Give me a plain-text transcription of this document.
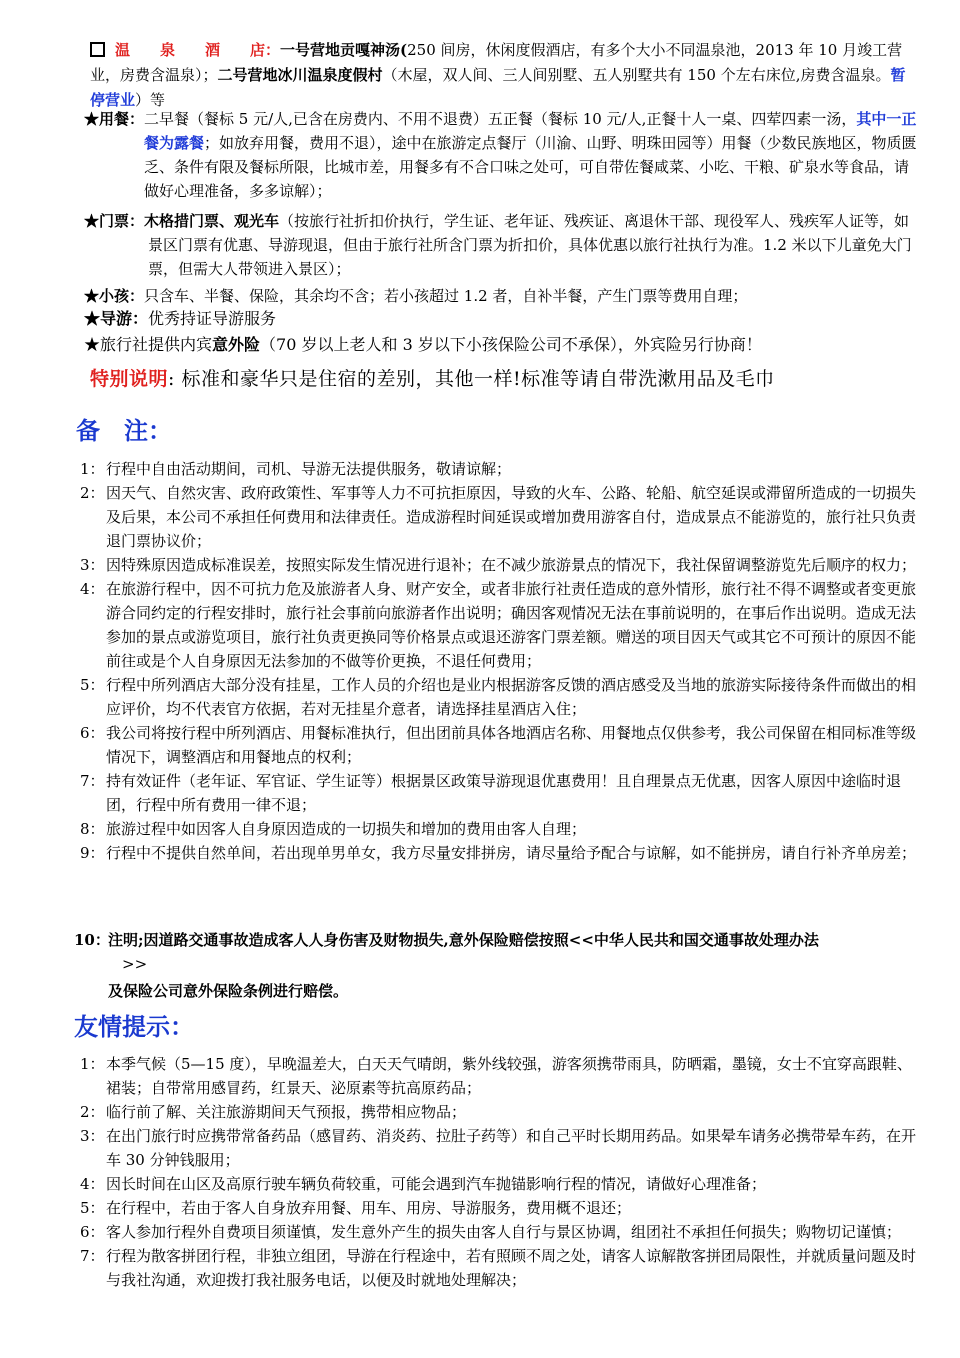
温　　泉　　酒　　店：一号营地贡嘎神汤(250 间房，休闲度假酒店，有多个大小不同温泉池，2013 年 10 月竣工营业，房费含温泉）；二号营地冰川温泉度假村（木屋，双人间、三人间别墅、五人别墅共有 150 个左右床位,房费含温泉。暂停营业）等
★用餐：二早餐（餐标 5 元/人,已含在房费内、不用不退费）五正餐（餐标 10 元/人,正餐十人一桌、四荤四素一汤，其中一正餐为露餐；如放弃用餐，费用不退），途中在旅游定点餐厅（川渝、山野、明珠田园等）用餐（少数民族地区，物质匮乏、条件有限及餐标所限，比城市差，用餐多有不合口味之处可，可自带佐餐咸菜、小吃、干粮、矿泉水等食品，请做好心理准备，多多谅解）；
★门票：木格措门票、观光车（按旅行社折扣价执行，学生证、老年证、残疾证、离退休干部、现役军人、残疾军人证等，如景区门票有优惠、导游现退，但由于旅行社所含门票为折扣价，具体优惠以旅行社执行为准。1.2 米以下儿童免大门票，但需大人带领进入景区）；
★小孩：只含车、半餐、保险，其余均不含；若小孩超过 1.2 者，自补半餐，产生门票等费用自理；
★导游：优秀持证导游服务
★旅行社提供内宾意外险（70 岁以上老人和 3 岁以下小孩保险公司不承保），外宾险另行协商！
特别说明: 标准和豪华只是住宿的差别，其他一样!标准等请自带洗漱用品及毛巾
备　注：
1： 行程中自由活动期间，司机、导游无法提供服务，敬请谅解；
2： 因天气、自然灾害、政府政策性、军事等人力不可抗拒原因，导致的火车、公路、轮船、航空延误或滞留所造成的一切损失及后果，本公司不承担任何费用和法律责任。造成游程时间延误或增加费用游客自付，造成景点不能游览的，旅行社只负责退门票协议价；
3： 因特殊原因造成标准误差，按照实际发生情况进行退补；在不减少旅游景点的情况下，我社保留调整游览先后顺序的权力；
4： 在旅游行程中，因不可抗力危及旅游者人身、财产安全，或者非旅行社责任造成的意外情形，旅行社不得不调整或者变更旅游合同约定的行程安排时，旅行社会事前向旅游者作出说明；确因客观情况无法在事前说明的，在事后作出说明。造成无法参加的景点或游览项目，旅行社负责更换同等价格景点或退还游客门票差额。赠送的项目因天气或其它不可预计的原因不能前往或是个人自身原因无法参加的不做等价更换，不退任何费用；
5： 行程中所列酒店大部分没有挂星，工作人员的介绍也是业内根据游客反馈的酒店感受及当地的旅游实际接待条件而做出的相应评价，均不代表官方依据，若对无挂星介意者，请选择挂星酒店入住；
6： 我公司将按行程中所列酒店、用餐标准执行，但出团前具体各地酒店名称、用餐地点仅供参考，我公司保留在相同标准等级情况下，调整酒店和用餐地点的权利；
7： 持有效证件（老年证、军官证、学生证等）根据景区政策导游现退优惠费用！且自理景点无优惠，因客人原因中途临时退团，行程中所有费用一律不退；
8： 旅游过程中如因客人自身原因造成的一切损失和增加的费用由客人自理；
9： 行程中不提供自然单间，若出现单男单女，我方尽量安排拼房，请尽量给予配合与谅解，如不能拼房，请自行补齐单房差；
10：注明;因道路交通事故造成客人人身伤害及财物损失,意外保险赔偿按照<<中华人民共和国交通事故处理办法
>>
及保险公司意外保险条例进行赔偿。
友情提示：
1： 本季气候（5—15 度），早晚温差大，白天天气晴朗，紫外线较强，游客须携带雨具，防晒霜，墨镜，女士不宜穿高跟鞋、裙装；自带常用感冒药，红景天、泌原素等抗高原药品；
2： 临行前了解、关注旅游期间天气预报，携带相应物品；
3： 在出门旅行时应携带常备药品（感冒药、消炎药、拉肚子药等）和自己平时长期用药品。如果晕车请务必携带晕车药，在开车 30 分钟钱服用；
4： 因长时间在山区及高原行驶车辆负荷较重，可能会遇到汽车抛锚影响行程的情况，请做好心理准备；
5： 在行程中，若由于客人自身放弃用餐、用车、用房、导游服务，费用概不退还；
6： 客人参加行程外自费项目须谨慎，发生意外产生的损失由客人自行与景区协调，组团社不承担任何损失；购物切记谨慎；
7： 行程为散客拼团行程，非独立组团，导游在行程途中，若有照顾不周之处，请客人谅解散客拼团局限性，并就质量问题及时与我社沟通，欢迎拨打我社服务电话，以便及时就地处理解决；
